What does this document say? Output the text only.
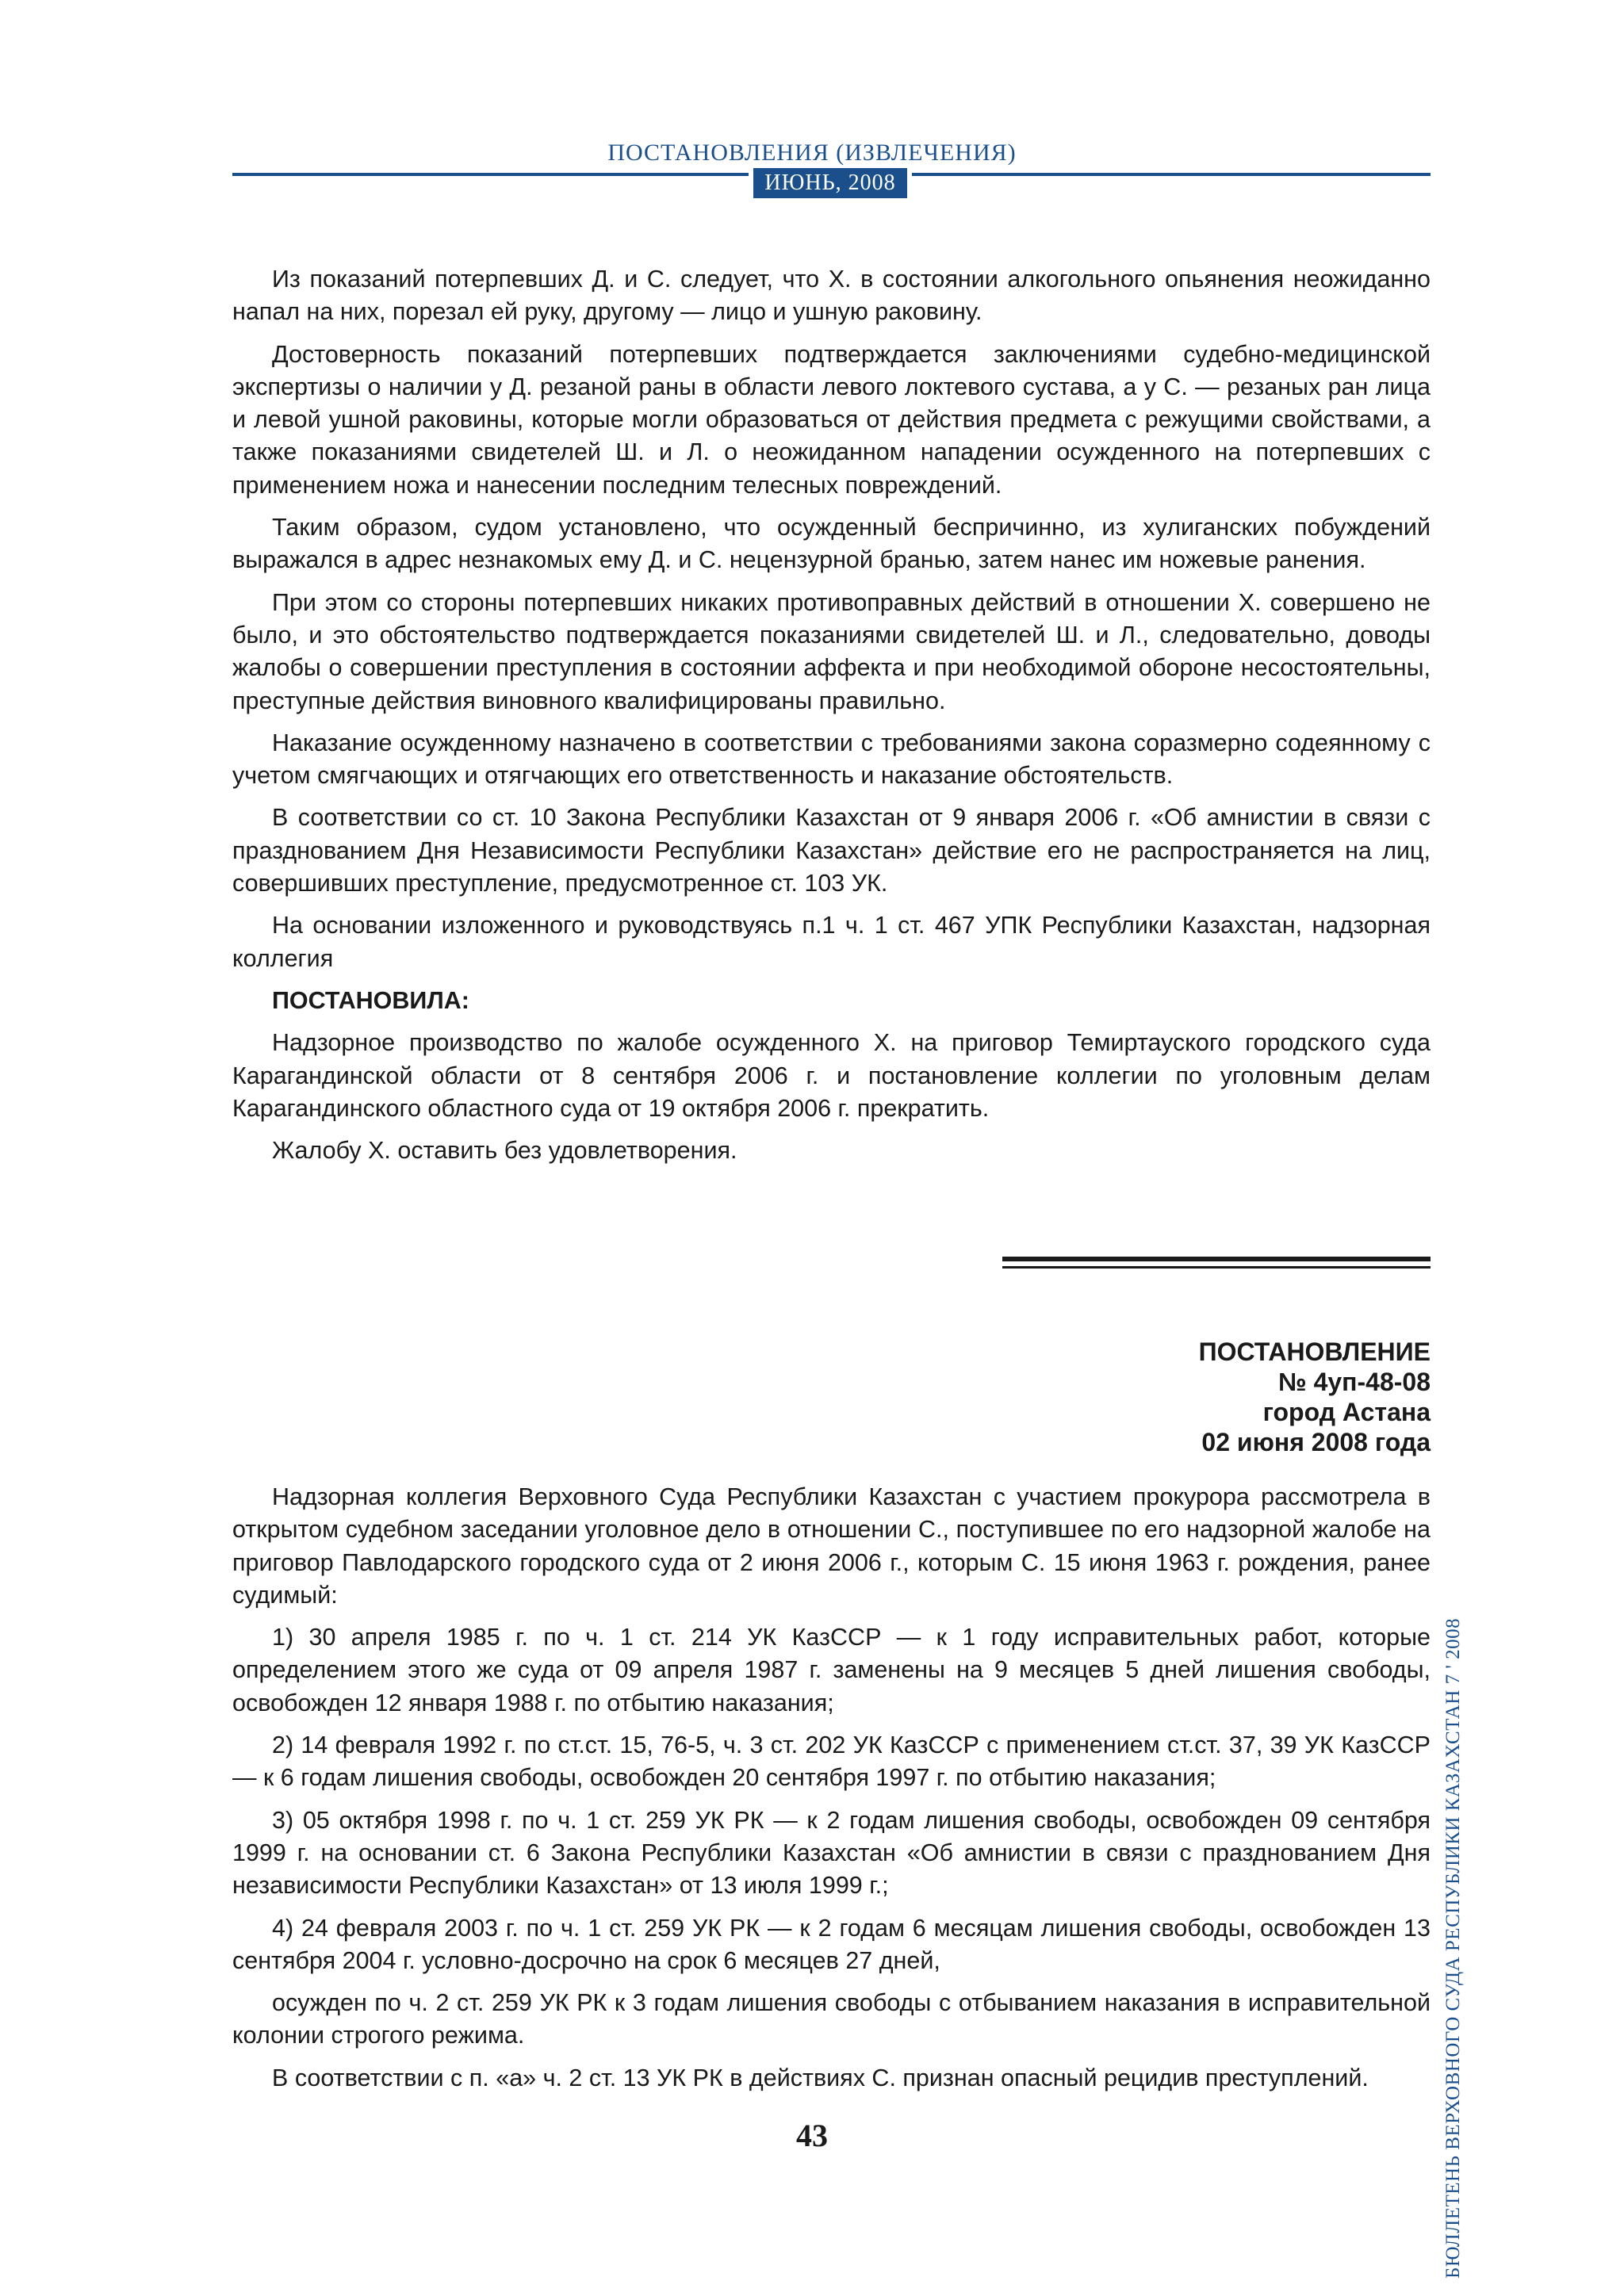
ПОСТАНОВЛЕНИЯ (ИЗВЛЕЧЕНИЯ)
ИЮНЬ, 2008

Из показаний потерпевших Д. и С. следует, что Х. в состоянии алкогольного опьянения неожиданно напал на них, порезал ей руку, другому — лицо и ушную раковину.

Достоверность показаний потерпевших подтверждается заключениями судебно-медицинской экспертизы о наличии у Д. резаной раны в области левого локтевого сустава, а у С. — резаных ран лица и левой ушной раковины, которые могли образоваться от действия предмета с режущими свойствами, а также показаниями свидетелей Ш. и Л. о неожиданном нападении осужденного на потерпевших с применением ножа и нанесении последним телесных повреждений.

Таким образом, судом установлено, что осужденный беспричинно, из хулиганских побуждений выражался в адрес незнакомых ему Д. и С. нецензурной бранью, затем нанес им ножевые ранения.

При этом со стороны потерпевших никаких противоправных действий в отношении Х. совершено не было, и это обстоятельство подтверждается показаниями свидетелей Ш. и Л., следовательно, доводы жалобы о совершении преступления в состоянии аффекта и при необходимой обороне несостоятельны, преступные действия виновного квалифицированы правильно.

Наказание осужденному назначено в соответствии с требованиями закона соразмерно содеянному с учетом смягчающих и отягчающих его ответственность и наказание обстоятельств.

В соответствии со ст. 10 Закона Республики Казахстан от 9 января 2006 г. «Об амнистии в связи с празднованием Дня Независимости Республики Казахстан» действие его не распространяется на лиц, совершивших преступление, предусмотренное ст. 103 УК.

На основании изложенного и руководствуясь п.1 ч. 1 ст. 467 УПК Республики Казахстан, надзорная коллегия

ПОСТАНОВИЛА:

Надзорное производство по жалобе осужденного Х. на приговор Темиртауского городского суда Карагандинской области от 8 сентября 2006 г. и постановление коллегии по уголовным делам Карагандинского областного суда от 19 октября 2006 г. прекратить.

Жалобу Х. оставить без удовлетворения.

ПОСТАНОВЛЕНИЕ
№ 4уп-48-08
город Астана
02 июня 2008 года

Надзорная коллегия Верховного Суда Республики Казахстан с участием прокурора рассмотрела в открытом судебном заседании уголовное дело в отношении С., поступившее по его надзорной жалобе на приговор Павлодарского городского суда от 2 июня 2006 г., которым С. 15 июня 1963 г. рождения, ранее судимый:

1) 30 апреля 1985 г. по ч. 1 ст. 214 УК КазССР — к 1 году исправительных работ, которые определением этого же суда от 09 апреля 1987 г. заменены на 9 месяцев 5 дней лишения свободы, освобожден 12 января 1988 г. по отбытию наказания;

2) 14 февраля 1992 г. по ст.ст. 15, 76-5, ч. 3 ст. 202 УК КазССР с применением ст.ст. 37, 39 УК КазССР — к 6 годам лишения свободы, освобожден 20 сентября 1997 г. по отбытию наказания;

3) 05 октября 1998 г. по ч. 1 ст. 259 УК РК — к 2 годам лишения свободы, освобожден 09 сентября 1999 г. на основании ст. 6 Закона Республики Казахстан «Об амнистии в связи с празднованием Дня независимости Республики Казахстан» от 13 июля 1999 г.;

4) 24 февраля 2003 г. по ч. 1 ст. 259 УК РК — к 2 годам 6 месяцам лишения свободы, освобожден 13 сентября 2004 г. условно-досрочно на срок 6 месяцев 27 дней,

осужден по ч. 2 ст. 259 УК РК к 3 годам лишения свободы с отбыванием наказания в исправительной колонии строгого режима.

В соответствии с п. «а» ч. 2 ст. 13 УК РК в действиях С. признан опасный рецидив преступлений.

43	БЮЛЛЕТЕНЬ ВЕРХОВНОГО СУДА РЕСПУБЛИКИ КАЗАХСТАН 7 ' 2008
